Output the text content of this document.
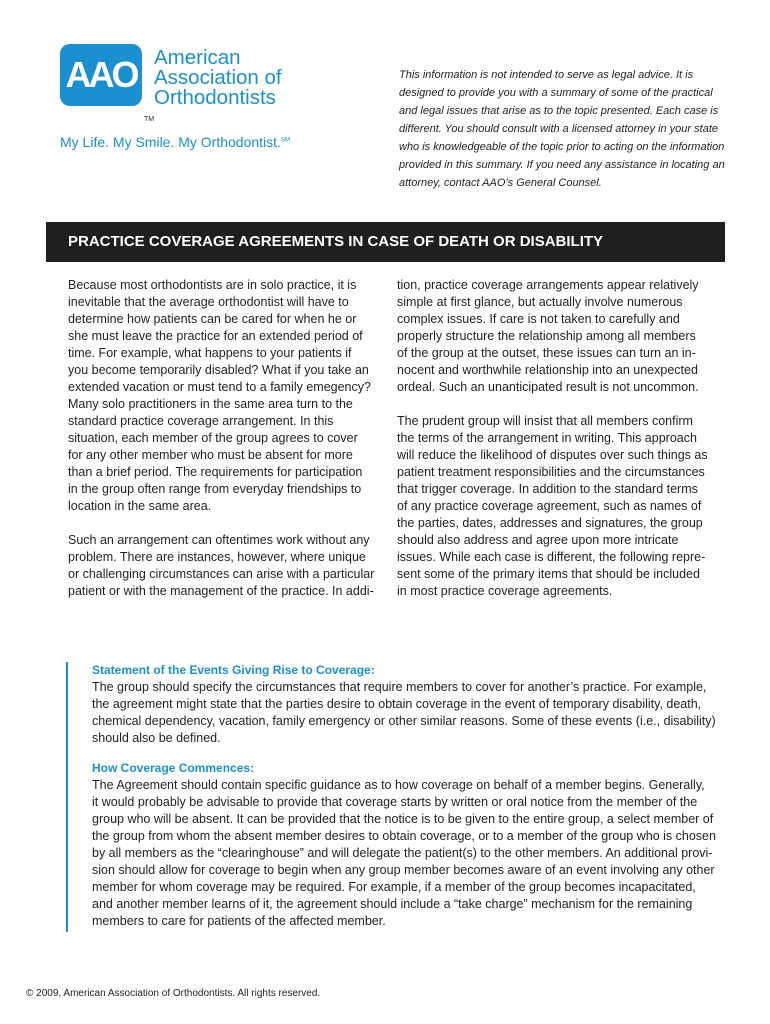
AAO American
Association of
Orthodontists
TM
My Life. My Smile. My Orthodontist.℠
This information is not intended to serve as legal advice. It is
designed to provide you with a summary of some of the practical
and legal issues that arise as to the topic presented. Each case is
different. You should consult with a licensed attorney in your state
who is knowledgeable of the topic prior to acting on the information
provided in this summary. If you need any assistance in locating an
attorney, contact AAO’s General Counsel.
PRACTICE COVERAGE AGREEMENTS IN CASE OF DEATH OR DISABILITY
Because most orthodontists are in solo practice, it is
inevitable that the average orthodontist will have to
determine how patients can be cared for when he or
she must leave the practice for an extended period of
time. For example, what happens to your patients if
you become temporarily disabled? What if you take an
extended vacation or must tend to a family emegency?
Many solo practitioners in the same area turn to the
standard practice coverage arrangement. In this
situation, each member of the group agrees to cover
for any other member who must be absent for more
than a brief period. The requirements for participation
in the group often range from everyday friendships to
location in the same area.
Such an arrangement can oftentimes work without any
problem. There are instances, however, where unique
or challenging circumstances can arise with a particular
patient or with the management of the practice. In addi-
tion, practice coverage arrangements appear relatively
simple at first glance, but actually involve numerous
complex issues. If care is not taken to carefully and
properly structure the relationship among all members
of the group at the outset, these issues can turn an in-
nocent and worthwhile relationship into an unexpected
ordeal. Such an unanticipated result is not uncommon.
The prudent group will insist that all members confirm
the terms of the arrangement in writing. This approach
will reduce the likelihood of disputes over such things as
patient treatment responsibilities and the circumstances
that trigger coverage. In addition to the standard terms
of any practice coverage agreement, such as names of
the parties, dates, addresses and signatures, the group
should also address and agree upon more intricate
issues. While each case is different, the following repre-
sent some of the primary items that should be included
in most practice coverage agreements.
Statement of the Events Giving Rise to Coverage:
The group should specify the circumstances that require members to cover for another’s practice. For example,
the agreement might state that the parties desire to obtain coverage in the event of temporary disability, death,
chemical dependency, vacation, family emergency or other similar reasons. Some of these events (i.e., disability)
should also be defined.
How Coverage Commences:
The Agreement should contain specific guidance as to how coverage on behalf of a member begins. Generally,
it would probably be advisable to provide that coverage starts by written or oral notice from the member of the
group who will be absent. It can be provided that the notice is to be given to the entire group, a select member of
the group from whom the absent member desires to obtain coverage, or to a member of the group who is chosen
by all members as the “clearinghouse” and will delegate the patient(s) to the other members. An additional provi-
sion should allow for coverage to begin when any group member becomes aware of an event involving any other
member for whom coverage may be required. For example, if a member of the group becomes incapacitated,
and another member learns of it, the agreement should include a “take charge” mechanism for the remaining
members to care for patients of the affected member.
© 2009, American Association of Orthodontists. All rights reserved.
